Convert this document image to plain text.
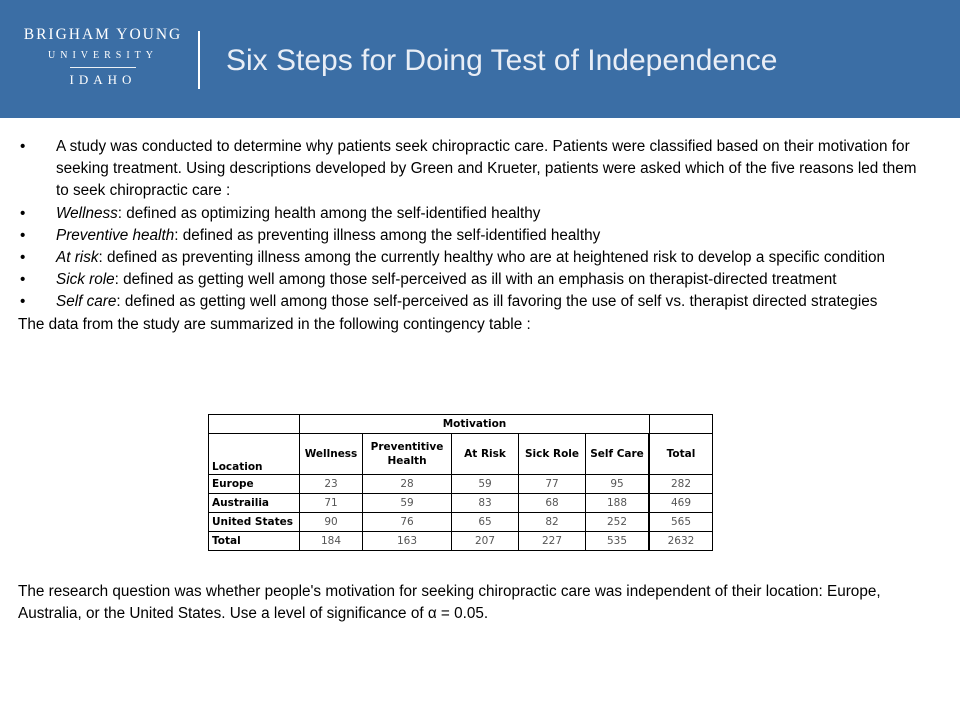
BRIGHAM YOUNG
UNIVERSITY
IDAHO
Six Steps for Doing Test of Independence
• A study was conducted to determine why patients seek chiropractic care. Patients were classified based on their motivation for seeking treatment. Using descriptions developed by Green and Krueter, patients were asked which of the five reasons led them to seek chiropractic care :
• Wellness: defined as optimizing health among the self-identified healthy
• Preventive health: defined as preventing illness among the self-identified healthy
• At risk: defined as preventing illness among the currently healthy who are at heightened risk to develop a specific condition
• Sick role: defined as getting well among those self-perceived as ill with an emphasis on therapist-directed treatment
• Self care: defined as getting well among those self-perceived as ill favoring the use of self vs. therapist directed strategies

The data from the study are summarized in the following contingency table :

	Motivation					
Location	Wellness	Preventitive Health	At Risk	Sick Role	Self Care		Total
Europe	23	28	59	77	95		282
Austrailia	71	59	83	68	188		469
United States	90	76	65	82	252		565
Total	184	163	207	227	535		2632
The research question was whether people's motivation for seeking chiropractic care was independent of their location: Europe, Australia, or the United States. Use a level of significance of α = 0.05.
